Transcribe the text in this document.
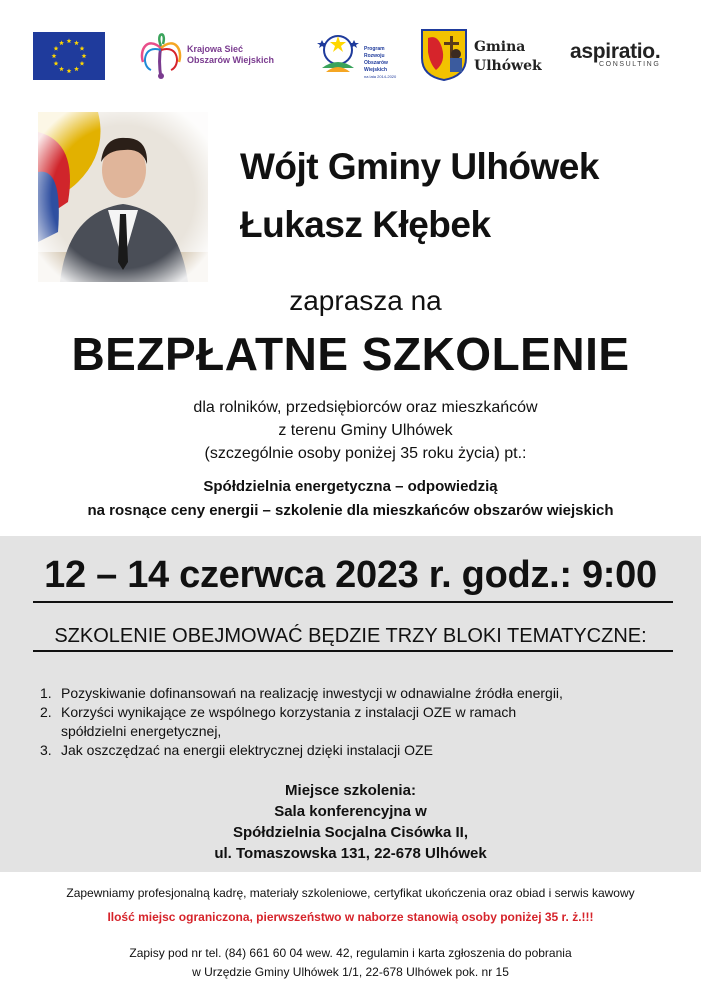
Krajowa Sieć Obszarów Wiejskich
Program
Rozwoju
Obszarów
Wiejskich
na lata 2014-2020
Gmina
Ulhówek
aspiratio.
CONSULTING
Wójt Gminy Ulhówek
Łukasz Kłębek
zaprasza na
BEZPŁATNE SZKOLENIE
dla rolników, przedsiębiorców oraz mieszkańców
z terenu Gminy Ulhówek
(szczególnie osoby poniżej 35 roku życia) pt.:
Spółdzielnia energetyczna – odpowiedzią
na rosnące ceny energii – szkolenie dla mieszkańców obszarów wiejskich
12 – 14 czerwca 2023 r. godz.: 9:00
SZKOLENIE OBEJMOWAĆ BĘDZIE TRZY BLOKI TEMATYCZNE:
1. Pozyskiwanie dofinansowań na realizację inwestycji w odnawialne źródła energii,
2. Korzyści wynikające ze wspólnego korzystania z instalacji OZE w ramach spółdzielni energetycznej,
3. Jak oszczędzać na energii elektrycznej dzięki instalacji OZE
Miejsce szkolenia:
Sala konferencyjna w
Spółdzielnia Socjalna Cisówka II,
ul. Tomaszowska 131, 22-678 Ulhówek
Zapewniamy profesjonalną kadrę, materiały szkoleniowe, certyfikat ukończenia oraz obiad i serwis kawowy
Ilość miejsc ograniczona, pierwszeństwo w naborze stanowią osoby poniżej 35 r. ż.!!!
Zapisy pod nr tel. (84) 661 60 04 wew. 42, regulamin i karta zgłoszenia do pobrania
w Urzędzie Gminy Ulhówek 1/1, 22-678 Ulhówek pok. nr 15
